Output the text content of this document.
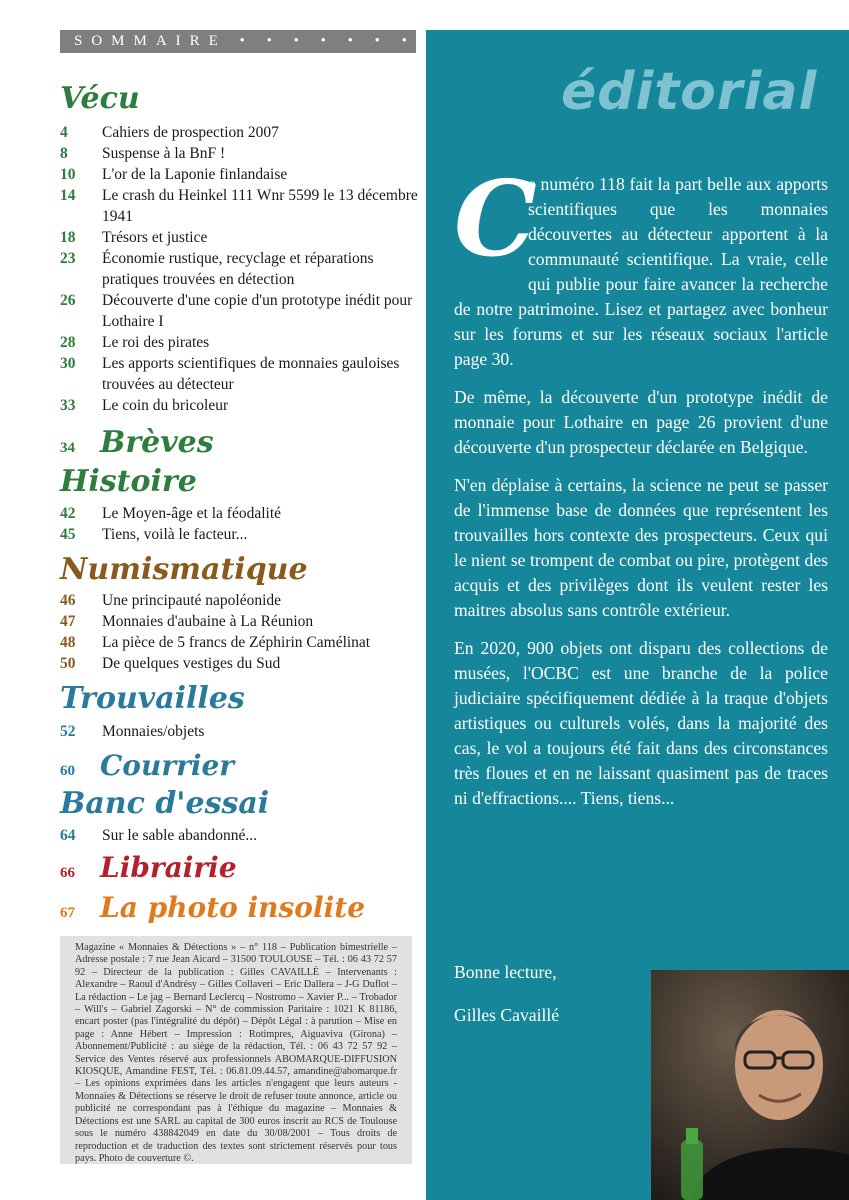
SOMMAIRE • • • • • • •
Vécu
4	Cahiers de prospection 2007
8	Suspense à la BnF !
10	L'or de la Laponie finlandaise
14	Le crash du Heinkel 111 Wnr 5599 le 13 décembre 1941
18	Trésors et justice
23	Économie rustique, recyclage et réparations pratiques trouvées en détection
26	Découverte d'une copie d'un prototype inédit pour Lothaire I
28	Le roi des pirates
30	Les apports scientifiques de monnaies gauloises trouvées au détecteur
33	Le coin du bricoleur
34 Brèves
Histoire
42	Le Moyen-âge et la féodalité
45	Tiens, voilà le facteur...
Numismatique
46	Une principauté napoléonide
47	Monnaies d'aubaine à La Réunion
48	La pièce de 5 francs de Zéphirin Camélinat
50	De quelques vestiges du Sud
Trouvailles
52	Monnaies/objets
60 Courrier
Banc d'essai
64	Sur le sable abandonné...
66 Librairie
67 La photo insolite
Magazine « Monnaies & Détections » – n° 118 – Publication bimestrielle – Adresse postale : 7 rue Jean Aicard – 31500 TOULOUSE – Tél. : 06 43 72 57 92 – Directeur de la publication : Gilles CAVAILLÉ – Intervenants : Alexandre – Raoul d'Andrésy – Gilles Collaveri – Eric Dallera – J-G Duflot – La rédaction – Le jag – Bernard Leclercq – Nostromo – Xavier P... – Trobador – Will's – Gabriel Zagorski – N° de commission Paritaire : 1021 K 81186, encart poster (pas l'intégralité du dépôt) – Dépôt Légal : à parution – Mise en page : Anne Hébert – Impression : Rotimpres, Aiguaviva (Girona) – Abonnement/Publicité : au siège de la rédaction, Tél. : 06 43 72 57 92 – Service des Ventes réservé aux professionnels ABOMARQUE-DIFFUSION KIOSQUE, Amandine FEST, Tél. : 06.81.09.44.57, amandine@abomarque.fr – Les opinions exprimées dans les articles n'engagent que leurs auteurs - Monnaies & Détections se réserve le droit de refuser toute annonce, article ou publicité ne correspondant pas à l'éthique du magazine – Monnaies & Détections est une SARL au capital de 300 euros inscrit au RCS de Toulouse sous le numéro 438842049 en date du 30/08/2001 – Tous droits de reproduction et de traduction des textes sont strictement réservés pour tous pays. Photo de couverture ©.
éditorial

C
e numéro 118 fait la part belle aux apports scientifiques que les monnaies découvertes au détecteur apportent à la communauté scientifique. La vraie, celle qui publie pour faire avancer la recherche de notre patrimoine. Lisez et partagez avec bonheur sur les forums et sur les réseaux sociaux l'article page 30.

De même, la découverte d'un prototype inédit de monnaie pour Lothaire en page 26 provient d'une découverte d'un prospecteur déclarée en Belgique.

N'en déplaise à certains, la science ne peut se passer de l'immense base de données que représentent les trouvailles hors contexte des prospecteurs. Ceux qui le nient se trompent de combat ou pire, protègent des acquis et des privilèges dont ils veulent rester les maitres absolus sans contrôle extérieur.

En 2020, 900 objets ont disparu des collections de musées, l'OCBC est une branche de la police judiciaire spécifiquement dédiée à la traque d'objets artistiques ou culturels volés, dans la majorité des cas, le vol a toujours été fait dans des circonstances très floues et en ne laissant quasiment pas de traces ni d'effractions.... Tiens, tiens...

Bonne lecture,
Gilles Cavaillé
